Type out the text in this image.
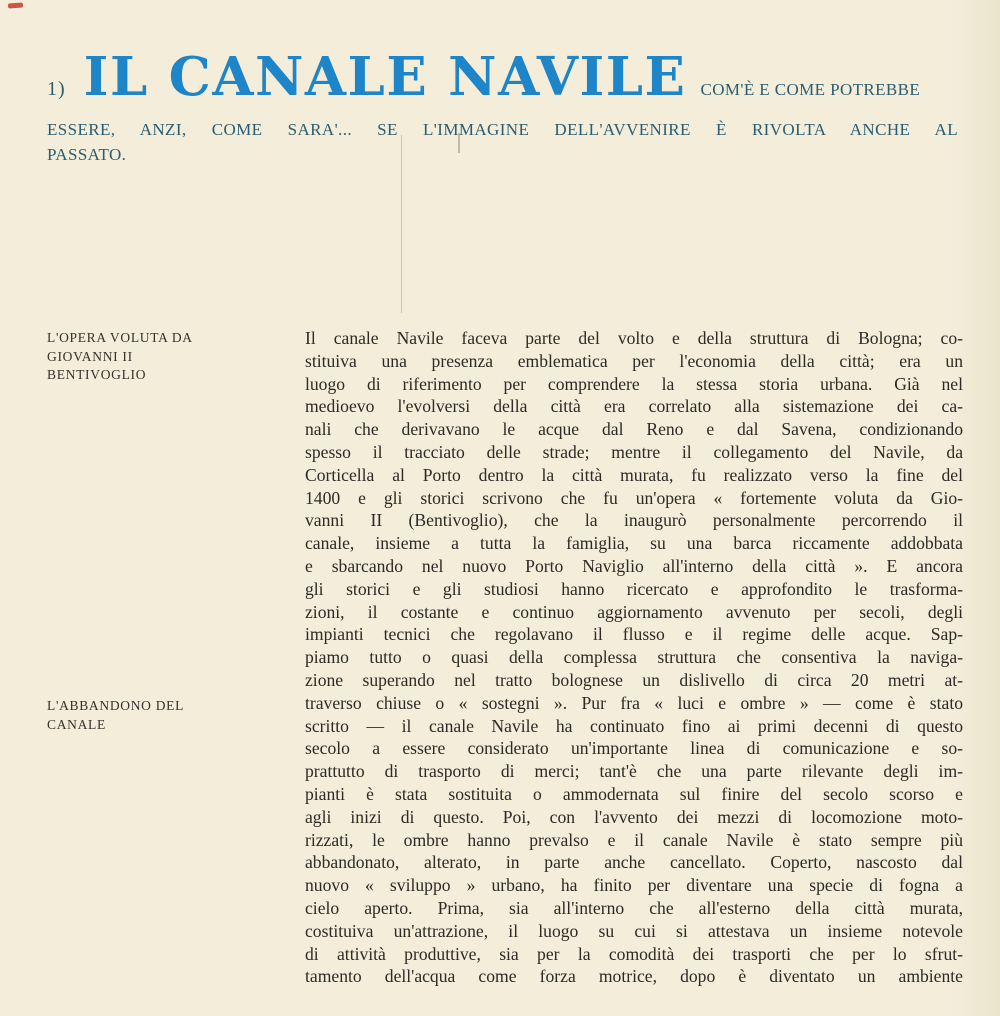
1) IL CANALE NAVILE COM'È E COME POTREBBE
ESSERE, ANZI, COME SARA'... SE L'IMMAGINE DELL'AVVENIRE È RIVOLTA ANCHE AL
PASSATO.
L'OPERA VOLUTA DA
GIOVANNI II
BENTIVOGLIO
L'ABBANDONO DEL
CANALE
Il canale Navile faceva parte del volto e della struttura di Bologna; co-
stituiva una presenza emblematica per l'economia della città; era un
luogo di riferimento per comprendere la stessa storia urbana. Già nel
medioevo l'evolversi della città era correlato alla sistemazione dei ca-
nali che derivavano le acque dal Reno e dal Savena, condizionando
spesso il tracciato delle strade; mentre il collegamento del Navile, da
Corticella al Porto dentro la città murata, fu realizzato verso la fine del
1400 e gli storici scrivono che fu un'opera « fortemente voluta da Gio-
vanni II (Bentivoglio), che la inaugurò personalmente percorrendo il
canale, insieme a tutta la famiglia, su una barca riccamente addobbata
e sbarcando nel nuovo Porto Naviglio all'interno della città ». E ancora
gli storici e gli studiosi hanno ricercato e approfondito le trasforma-
zioni, il costante e continuo aggiornamento avvenuto per secoli, degli
impianti tecnici che regolavano il flusso e il regime delle acque. Sap-
piamo tutto o quasi della complessa struttura che consentiva la naviga-
zione superando nel tratto bolognese un dislivello di circa 20 metri at-
traverso chiuse o « sostegni ». Pur fra « luci e ombre » — come è stato
scritto — il canale Navile ha continuato fino ai primi decenni di questo
secolo a essere considerato un'importante linea di comunicazione e so-
prattutto di trasporto di merci; tant'è che una parte rilevante degli im-
pianti è stata sostituita o ammodernata sul finire del secolo scorso e
agli inizi di questo. Poi, con l'avvento dei mezzi di locomozione moto-
rizzati, le ombre hanno prevalso e il canale Navile è stato sempre più
abbandonato, alterato, in parte anche cancellato. Coperto, nascosto dal
nuovo « sviluppo » urbano, ha finito per diventare una specie di fogna a
cielo aperto. Prima, sia all'interno che all'esterno della città murata,
costituiva un'attrazione, il luogo su cui si attestava un insieme notevole
di attività produttive, sia per la comodità dei trasporti che per lo sfrut-
tamento dell'acqua come forza motrice, dopo è diventato un ambiente
